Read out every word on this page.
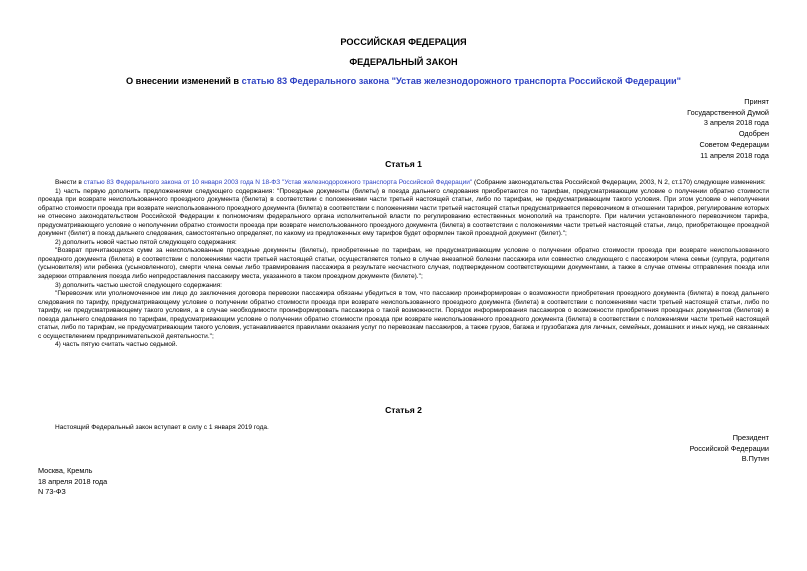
РОССИЙСКАЯ ФЕДЕРАЦИЯ
ФЕДЕРАЛЬНЫЙ ЗАКОН
О внесении изменений в статью 83 Федерального закона "Устав железнодорожного транспорта Российской Федерации"
Принят
Государственной Думой
3 апреля 2018 года
Одобрен
Советом Федерации
11 апреля 2018 года
Статья 1

Внести в статью 83 Федерального закона от 10 января 2003 года N 18-ФЗ "Устав железнодорожного транспорта Российской Федерации" (Собрание законодательства Российской Федерации, 2003, N 2, ст.170) следующие изменения:

1) часть первую дополнить предложениями следующего содержания: "Проездные документы (билеты) в поезда дальнего следования приобретаются по тарифам, предусматривающим условие о получении обратно стоимости проезда при возврате неиспользованного проездного документа (билета) в соответствии с положениями части третьей настоящей статьи, либо по тарифам, не предусматривающим такого условия. При этом условие о неполучении обратно стоимости проезда при возврате неиспользованного проездного документа (билета) в соответствии с положениями части третьей настоящей статьи предусматривается перевозчиком в отношении тарифов, регулирование которых не отнесено законодательством Российской Федерации к полномочиям федерального органа исполнительной власти по регулированию естественных монополий на транспорте. При наличии установленного перевозчиком тарифа, предусматривающего условие о неполучении обратно стоимости проезда при возврате неиспользованного проездного документа (билета) в соответствии с положениями части третьей настоящей статьи, лицо, приобретающее проездной документ (билет) в поезд дальнего следования, самостоятельно определяет, по какому из предложенных ему тарифов будет оформлен такой проездной документ (билет).";

2) дополнить новой частью пятой следующего содержания:

"Возврат причитающихся сумм за неиспользованные проездные документы (билеты), приобретенные по тарифам, не предусматривающим условие о получении обратно стоимости проезда при возврате неиспользованного проездного документа (билета) в соответствии с положениями части третьей настоящей статьи, осуществляется только в случае внезапной болезни пассажира или совместно следующего с пассажиром члена семьи (супруга, родителя (усыновителя) или ребенка (усыновленного), смерти члена семьи либо травмирования пассажира в результате несчастного случая, подтвержденном соответствующими документами, а также в случае отмены отправления поезда или задержки отправления поезда либо непредоставления пассажиру места, указанного в таком проездном документе (билете).";

3) дополнить частью шестой следующего содержания:

"Перевозчик или уполномоченное им лицо до заключения договора перевозки пассажира обязаны убедиться в том, что пассажир проинформирован о возможности приобретения проездного документа (билета) в поезд дальнего следования по тарифу, предусматривающему условие о получении обратно стоимости проезда при возврате неиспользованного проездного документа (билета) в соответствии с положениями части третьей настоящей статьи, либо по тарифу, не предусматривающему такого условия, а в случае необходимости проинформировать пассажира о такой возможности. Порядок информирования пассажиров о возможности приобретения проездных документов (билетов) в поезда дальнего следования по тарифам, предусматривающим условие о получении обратно стоимости проезда при возврате неиспользованного проездного документа (билета) в соответствии с положениями части третьей настоящей статьи, либо по тарифам, не предусматривающим такого условия, устанавливается правилами оказания услуг по перевозкам пассажиров, а также грузов, багажа и грузобагажа для личных, семейных, домашних и иных нужд, не связанных с осуществлением предпринимательской деятельности.";

4) часть пятую считать частью седьмой.

Статья 2

Настоящий Федеральный закон вступает в силу с 1 января 2019 года.

Президент
Российской Федерации
В.Путин
Москва, Кремль
18 апреля 2018 года
N 73-ФЗ
